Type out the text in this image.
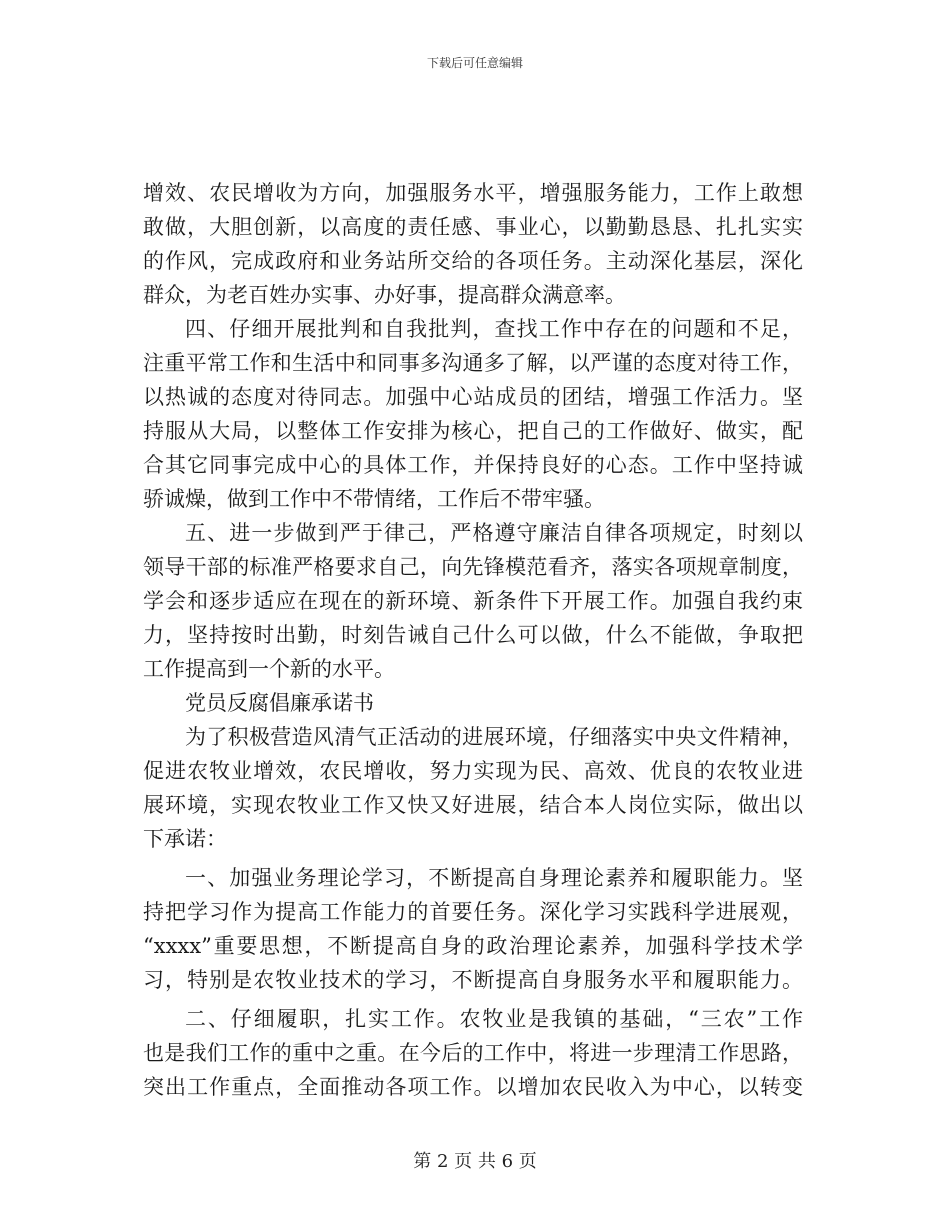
下载后可任意编辑
增效、农民增收为方向，加强服务水平，增强服务能力，工作上敢想
敢做，大胆创新，以高度的责任感、事业心，以勤勤恳恳、扎扎实实
的作风，完成政府和业务站所交给的各项任务。主动深化基层，深化
群众，为老百姓办实事、办好事，提高群众满意率。
四、仔细开展批判和自我批判，查找工作中存在的问题和不足，
注重平常工作和生活中和同事多沟通多了解，以严谨的态度对待工作，
以热诚的态度对待同志。加强中心站成员的团结，增强工作活力。坚
持服从大局，以整体工作安排为核心，把自己的工作做好、做实，配
合其它同事完成中心的具体工作，并保持良好的心态。工作中坚持诚
骄诚燥，做到工作中不带情绪，工作后不带牢骚。
五、进一步做到严于律己，严格遵守廉洁自律各项规定，时刻以
领导干部的标准严格要求自己，向先锋模范看齐，落实各项规章制度，
学会和逐步适应在现在的新环境、新条件下开展工作。加强自我约束
力，坚持按时出勤，时刻告诫自己什么可以做，什么不能做，争取把
工作提高到一个新的水平。
党员反腐倡廉承诺书
为了积极营造风清气正活动的进展环境，仔细落实中央文件精神，
促进农牧业增效，农民增收，努力实现为民、高效、优良的农牧业进
展环境，实现农牧业工作又快又好进展，结合本人岗位实际，做出以
下承诺：
一、加强业务理论学习，不断提高自身理论素养和履职能力。坚
持把学习作为提高工作能力的首要任务。深化学习实践科学进展观，
“xxxx”重要思想，不断提高自身的政治理论素养，加强科学技术学
习，特别是农牧业技术的学习，不断提高自身服务水平和履职能力。
二、仔细履职，扎实工作。农牧业是我镇的基础，“三农”工作
也是我们工作的重中之重。在今后的工作中，将进一步理清工作思路，
突出工作重点，全面推动各项工作。以增加农民收入为中心，以转变
第 2 页 共 6 页
